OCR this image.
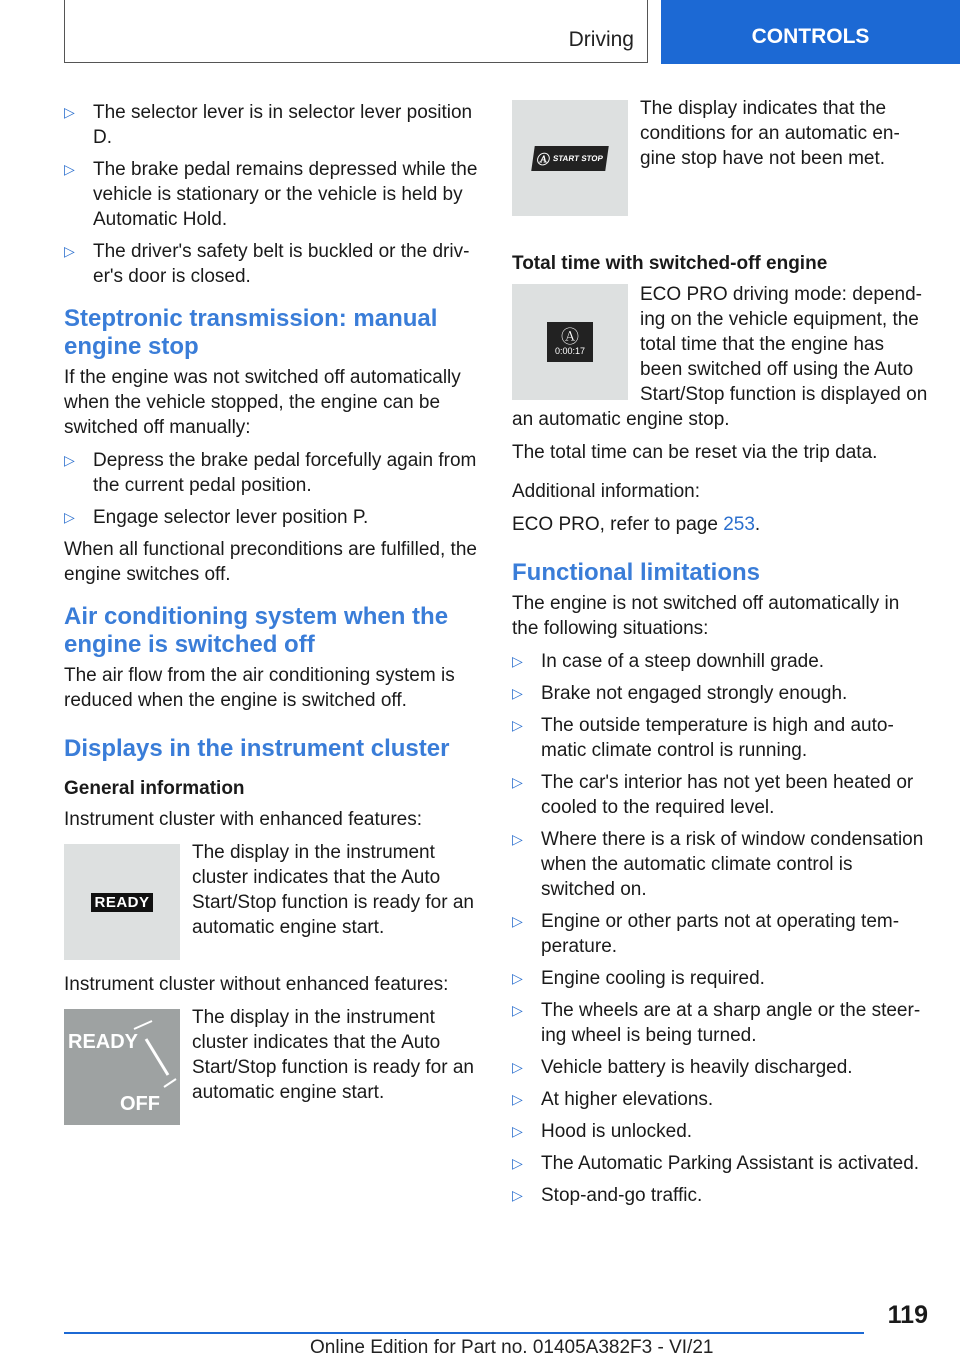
Driving	CONTROLS
▷ The selector lever is in selector lever position D.
▷ The brake pedal remains depressed while the vehicle is stationary or the vehicle is held by Automatic Hold.
▷ The driver's safety belt is buckled or the driv‐er's door is closed.
Steptronic transmission: manual engine stop

If the engine was not switched off automatically when the vehicle stopped, the engine can be switched off manually:

▷ Depress the brake pedal forcefully again from the current pedal position.
▷ Engage selector lever position P.

When all functional preconditions are fulfilled, the engine switches off.

Air conditioning system when the engine is switched off

The air flow from the air conditioning system is reduced when the engine is switched off.

Displays in the instrument cluster
General information

Instrument cluster with enhanced features:

READY
The display in the instrument cluster indicates that the Auto Start/Stop function is ready for an automatic engine start.

Instrument cluster without enhanced features:

READY
OFF
The display in the instrument cluster indicates that the Auto Start/Stop function is ready for an automatic engine start.
Ⓐ START STOP
The display indicates that the conditions for an automatic en‐gine stop have not been met.
Total time with switched-off engine
Ⓐ
0:00:17
ECO PRO driving mode: depend‐ing on the vehicle equipment, the total time that the engine has been switched off using the Auto Start/Stop function is displayed on an automatic engine stop.

The total time can be reset via the trip data.

Additional information:

ECO PRO, refer to page 253.

Functional limitations

The engine is not switched off automatically in the following situations:

▷ In case of a steep downhill grade.
▷ Brake not engaged strongly enough.
▷ The outside temperature is high and auto‐matic climate control is running.
▷ The car's interior has not yet been heated or cooled to the required level.
▷ Where there is a risk of window condensation when the automatic climate control is switched on.
▷ Engine or other parts not at operating tem‐perature.
▷ Engine cooling is required.
▷ The wheels are at a sharp angle or the steer‐ing wheel is being turned.
▷ Vehicle battery is heavily discharged.
▷ At higher elevations.
▷ Hood is unlocked.
▷ The Automatic Parking Assistant is activated.
▷ Stop-and-go traffic.
119
Online Edition for Part no. 01405A382F3 - VI/21
